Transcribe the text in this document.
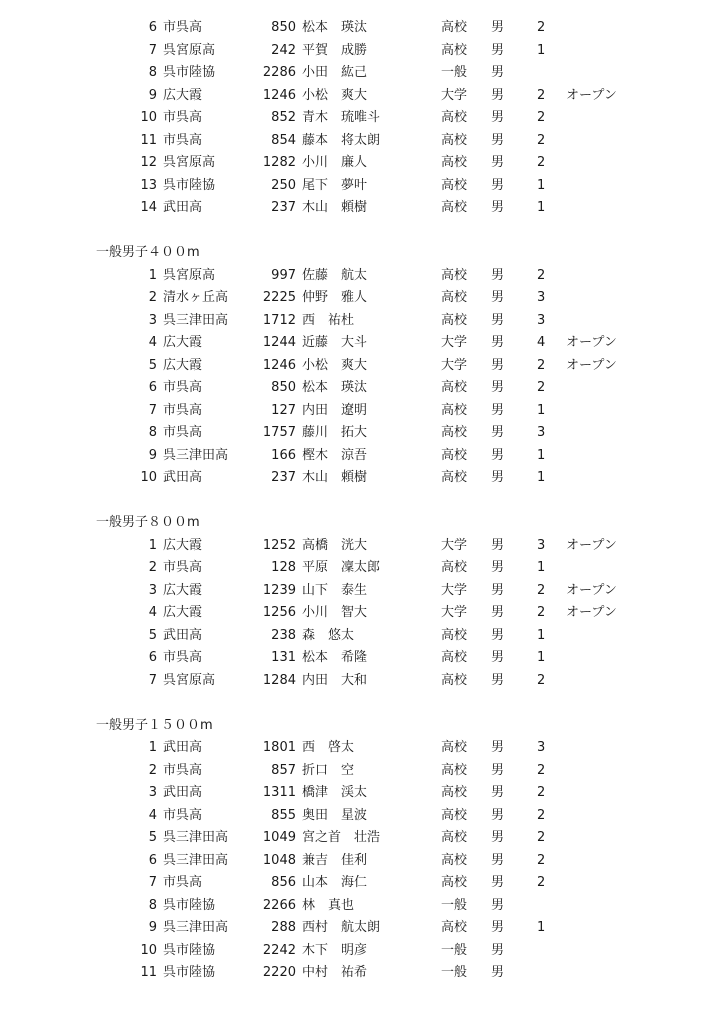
6 市呉高	850 松本　瑛汰	高校 男	2
7 呉宮原高	242 平賀　成勝	高校 男	1
8 呉市陸協	2286 小田　紘己	一般 男
9 広大霞	1246 小松　爽大	大学 男	2 オープン
10 市呉高	852 青木　琉唯斗	高校 男	2
11 市呉高	854 藤本　将太朗	高校 男	2
12 呉宮原高	1282 小川　廉人	高校 男	2
13 呉市陸協	250 尾下　夢叶	高校 男	1
14 武田高	237 木山　頼樹	高校 男	1
一般男子４００m
1 呉宮原高	997 佐藤　航太	高校 男	2
2 清水ヶ丘高	2225 仲野　雅人	高校 男	3
3 呉三津田高	1712 西　祐杜	高校 男	3
4 広大霞	1244 近藤　大斗	大学 男	4 オープン
5 広大霞	1246 小松　爽大	大学 男	2 オープン
6 市呉高	850 松本　瑛汰	高校 男	2
7 市呉高	127 内田　遼明	高校 男	1
8 市呉高	1757 藤川　拓大	高校 男	3
9 呉三津田高	166 樫木　涼吾	高校 男	1
10 武田高	237 木山　頼樹	高校 男	1
一般男子８００m
1 広大霞	1252 高橋　洸大	大学 男	3 オープン
2 市呉高	128 平原　凜太郎	高校 男	1
3 広大霞	1239 山下　泰生	大学 男	2 オープン
4 広大霞	1256 小川　智大	大学 男	2 オープン
5 武田高	238 森　悠太	高校 男	1
6 市呉高	131 松本　希隆	高校 男	1
7 呉宮原高	1284 内田　大和	高校 男	2
一般男子１５００m
1 武田高	1801 西　啓太	高校 男	3
2 市呉高	857 折口　空	高校 男	2
3 武田高	1311 橋津　渓太	高校 男	2
4 市呉高	855 奥田　星波	高校 男	2
5 呉三津田高	1049 宮之首　壮浩	高校 男	2
6 呉三津田高	1048 兼吉　佳利	高校 男	2
7 市呉高	856 山本　海仁	高校 男	2
8 呉市陸協	2266 林　真也	一般 男
9 呉三津田高	288 西村　航太朗	高校 男	1
10 呉市陸協	2242 木下　明彦	一般 男
11 呉市陸協	2220 中村　祐希	一般 男
